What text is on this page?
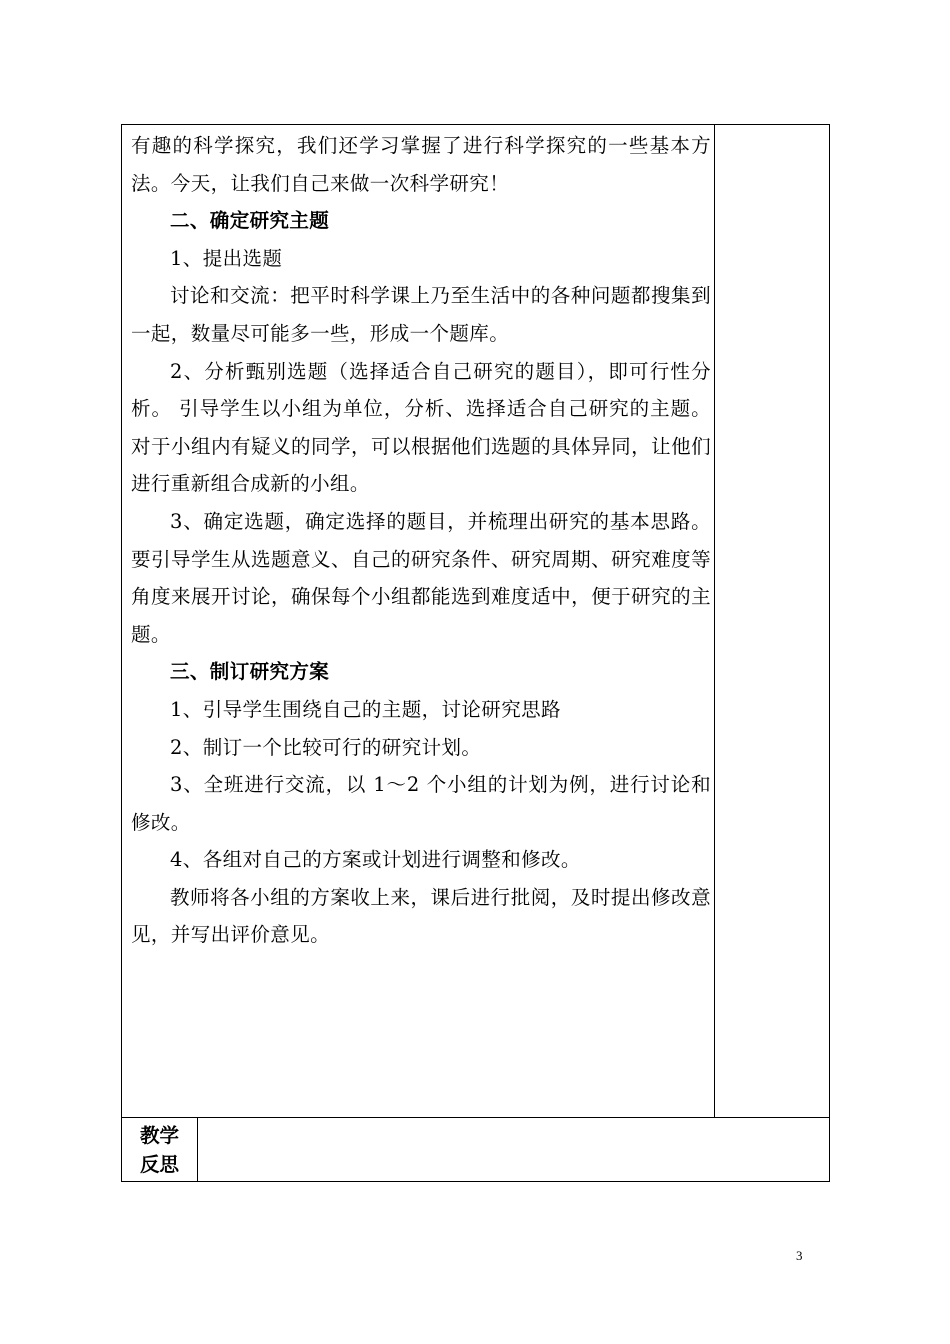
有趣的科学探究，我们还学习掌握了进行科学探究的一些基本方法。今天，让我们自己来做一次科学研究！

二、确定研究主题

1、提出选题

讨论和交流：把平时科学课上乃至生活中的各种问题都搜集到一起，数量尽可能多一些，形成一个题库。

2、分析甄别选题（选择适合自己研究的题目），即可行性分析。 引导学生以小组为单位，分析、选择适合自己研究的主题。对于小组内有疑义的同学，可以根据他们选题的具体异同，让他们进行重新组合成新的小组。

3、确定选题，确定选择的题目，并梳理出研究的基本思路。要引导学生从选题意义、自己的研究条件、研究周期、研究难度等角度来展开讨论，确保每个小组都能选到难度适中，便于研究的主题。

三、制订研究方案

1、引导学生围绕自己的主题，讨论研究思路

2、制订一个比较可行的研究计划。

3、全班进行交流，以 1～2 个小组的计划为例，进行讨论和修改。

4、各组对自己的方案或计划进行调整和修改。

教师将各小组的方案收上来，课后进行批阅，及时提出修改意见，并写出评价意见。

教学
反思
3
